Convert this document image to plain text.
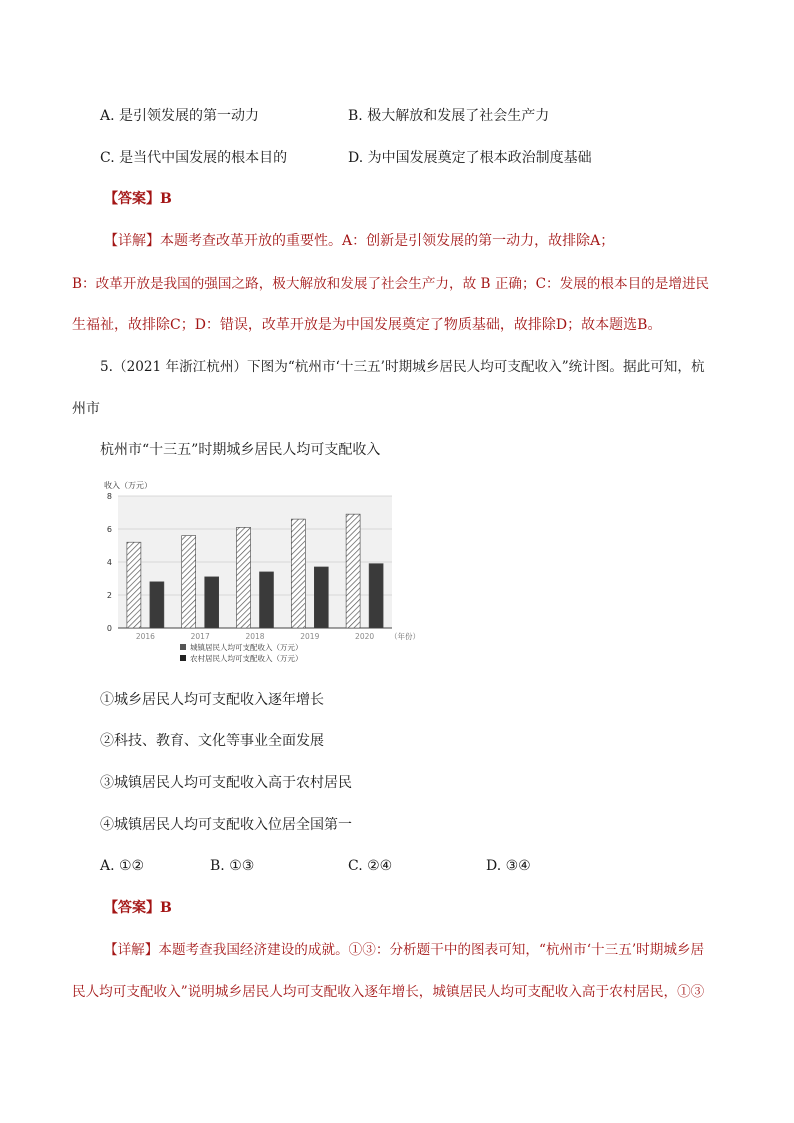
A. 是引领发展的第一动力	B. 极大解放和发展了社会生产力
C. 是当代中国发展的根本目的	D. 为中国发展奠定了根本政治制度基础
【答案】B
【详解】本题考查改革开放的重要性。A：创新是引领发展的第一动力，故排除A；
B：改革开放是我国的强国之路，极大解放和发展了社会生产力，故 B 正确；C：发展的根本目的是增进民
生福祉，故排除C；D：错误，改革开放是为中国发展奠定了物质基础，故排除D；故本题选B。
5.（2021 年浙江杭州）下图为“杭州市‘十三五’时期城乡居民人均可支配收入”统计图。据此可知，杭
州市
杭州市“十三五”时期城乡居民人均可支配收入
收入（万元）
0
2
4
6
8
2016	2017	2018	2019	2020 （年份）
城镇居民人均可支配收入（万元）
农村居民人均可支配收入（万元）
①城乡居民人均可支配收入逐年增长
②科技、教育、文化等事业全面发展
③城镇居民人均可支配收入高于农村居民
④城镇居民人均可支配收入位居全国第一
A. ①②	B. ①③	C. ②④	D. ③④
【答案】B
【详解】本题考查我国经济建设的成就。①③：分析题干中的图表可知，“杭州市‘十三五’时期城乡居
民人均可支配收入”说明城乡居民人均可支配收入逐年增长，城镇居民人均可支配收入高于农村居民，①③
